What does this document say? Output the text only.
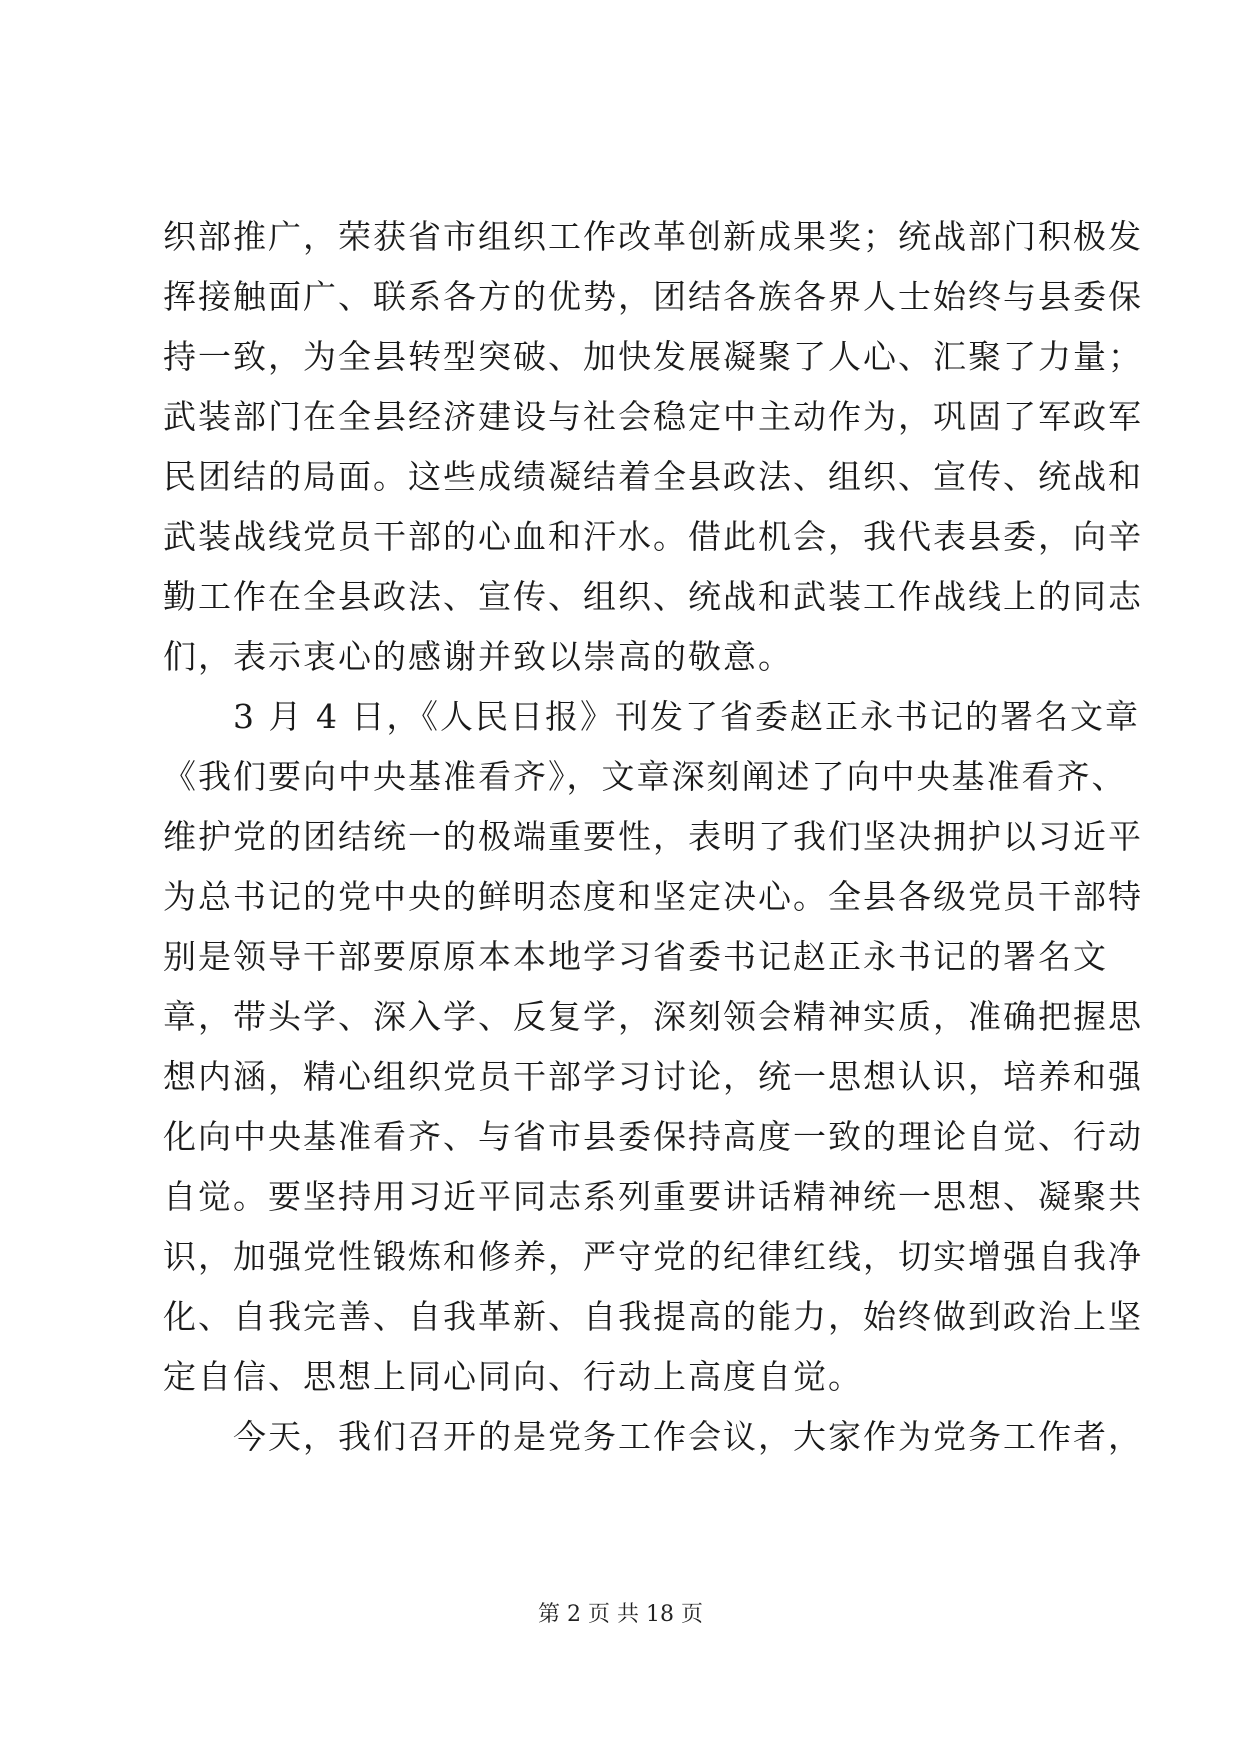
织部推广，荣获省市组织工作改革创新成果奖；统战部门积极发
挥接触面广、联系各方的优势，团结各族各界人士始终与县委保
持一致，为全县转型突破、加快发展凝聚了人心、汇聚了力量；
武装部门在全县经济建设与社会稳定中主动作为，巩固了军政军
民团结的局面。这些成绩凝结着全县政法、组织、宣传、统战和
武装战线党员干部的心血和汗水。借此机会，我代表县委，向辛
勤工作在全县政法、宣传、组织、统战和武装工作战线上的同志
们，表示衷心的感谢并致以崇高的敬意。
　　3 月 4 日，《人民日报》刊发了省委赵正永书记的署名文章
《我们要向中央基准看齐》，文章深刻阐述了向中央基准看齐、
维护党的团结统一的极端重要性，表明了我们坚决拥护以习近平
为总书记的党中央的鲜明态度和坚定决心。全县各级党员干部特
别是领导干部要原原本本地学习省委书记赵正永书记的署名文
章，带头学、深入学、反复学，深刻领会精神实质，准确把握思
想内涵，精心组织党员干部学习讨论，统一思想认识，培养和强
化向中央基准看齐、与省市县委保持高度一致的理论自觉、行动
自觉。要坚持用习近平同志系列重要讲话精神统一思想、凝聚共
识，加强党性锻炼和修养，严守党的纪律红线，切实增强自我净
化、自我完善、自我革新、自我提高的能力，始终做到政治上坚
定自信、思想上同心同向、行动上高度自觉。
　　今天，我们召开的是党务工作会议，大家作为党务工作者，
第 2 页 共 18 页
